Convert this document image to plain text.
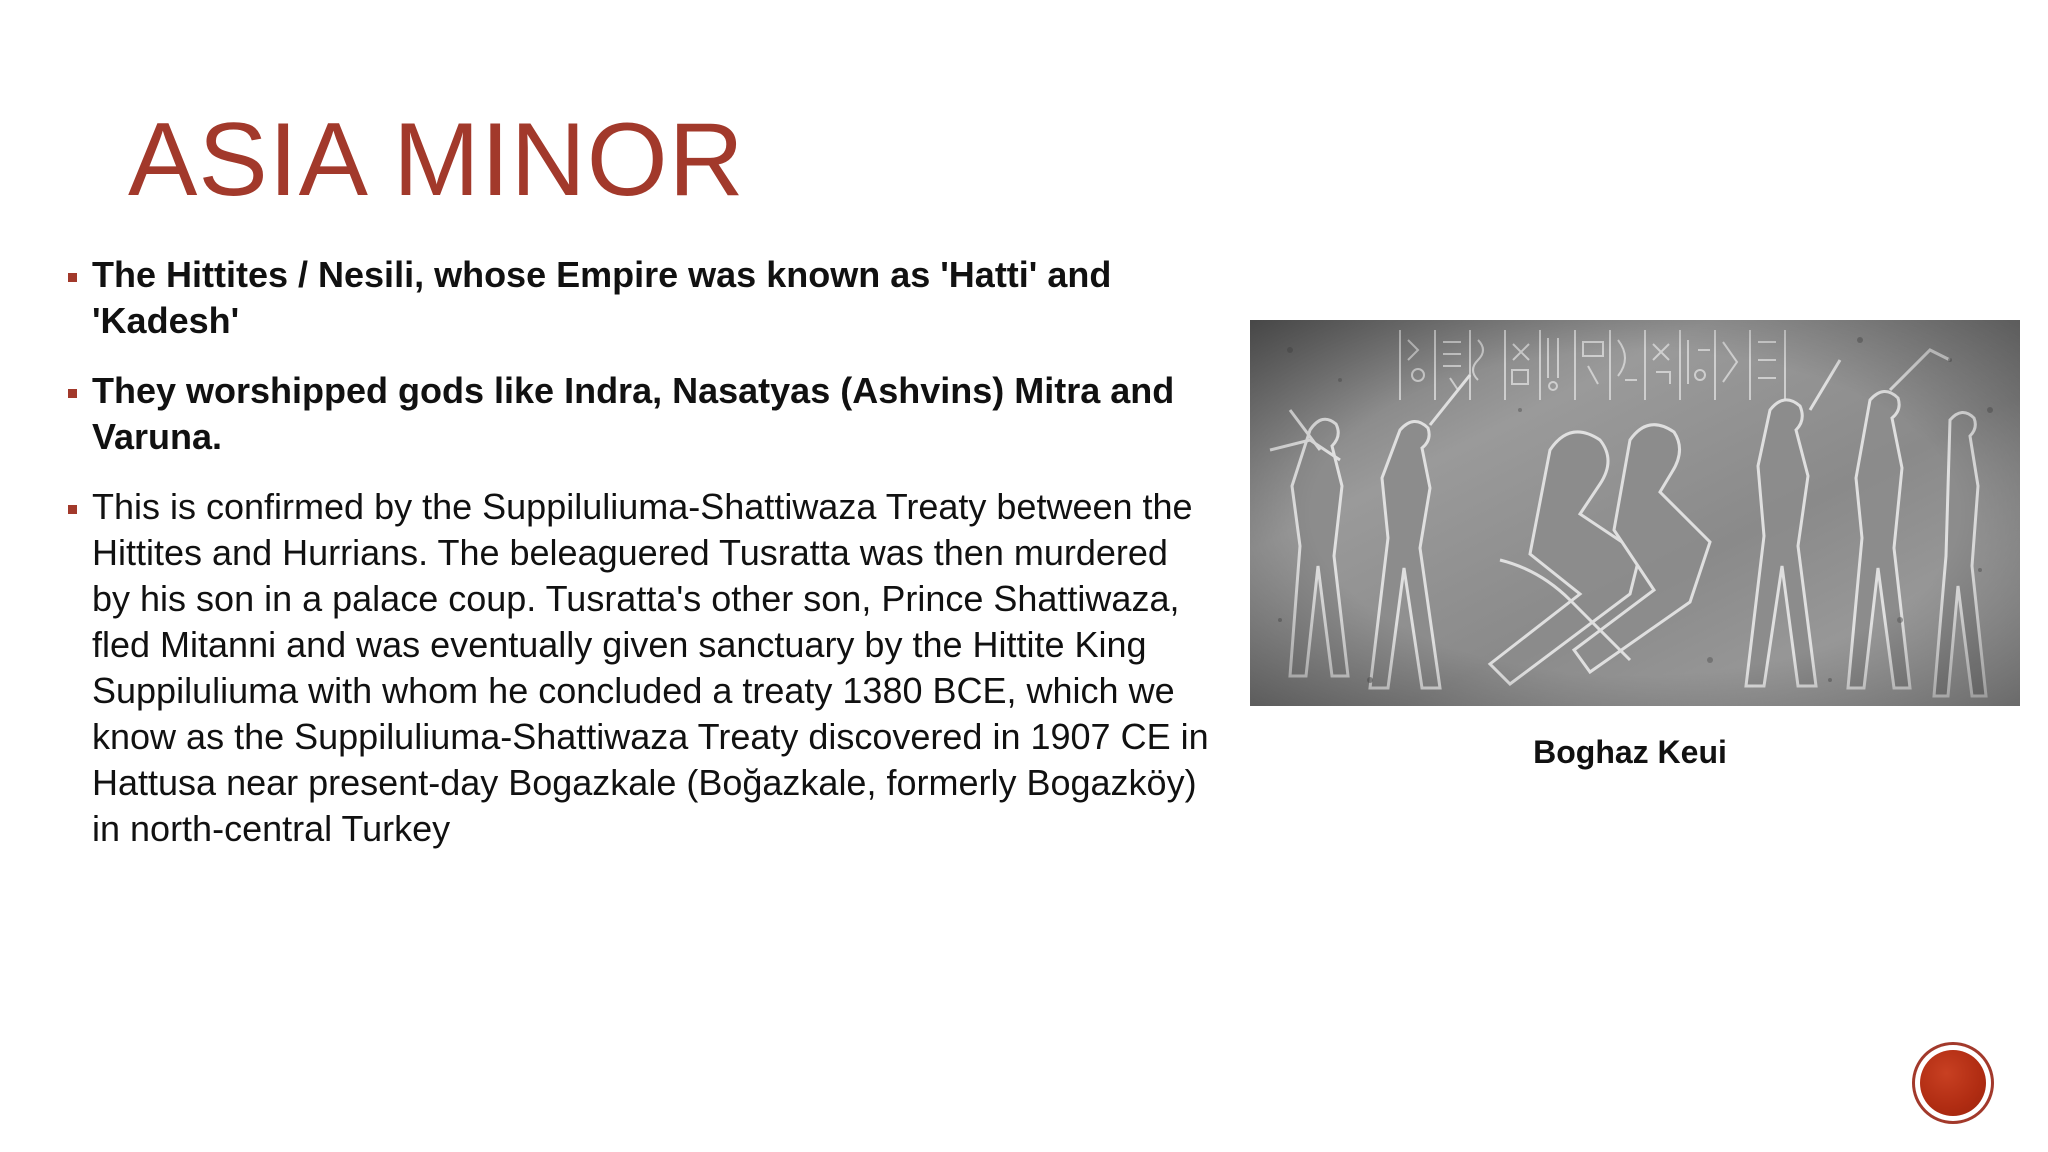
ASIA MINOR
The Hittites / Nesili, whose Empire was known as 'Hatti' and 'Kadesh'
They worshipped gods like Indra, Nasatyas (Ashvins) Mitra and Varuna.
This is confirmed by the Suppiluliuma-Shattiwaza Treaty between the Hittites and Hurrians. The beleaguered Tusratta was then murdered by his son in a palace coup. Tusratta's other son, Prince Shattiwaza, fled Mitanni and was eventually given sanctuary by the Hittite King Suppiluliuma with whom he concluded a treaty 1380 BCE, which we know as the Suppiluliuma-Shattiwaza Treaty discovered in 1907 CE in Hattusa near present-day Bogazkale (Boğazkale, formerly Bogazköy) in north-central Turkey
Boghaz Keui
